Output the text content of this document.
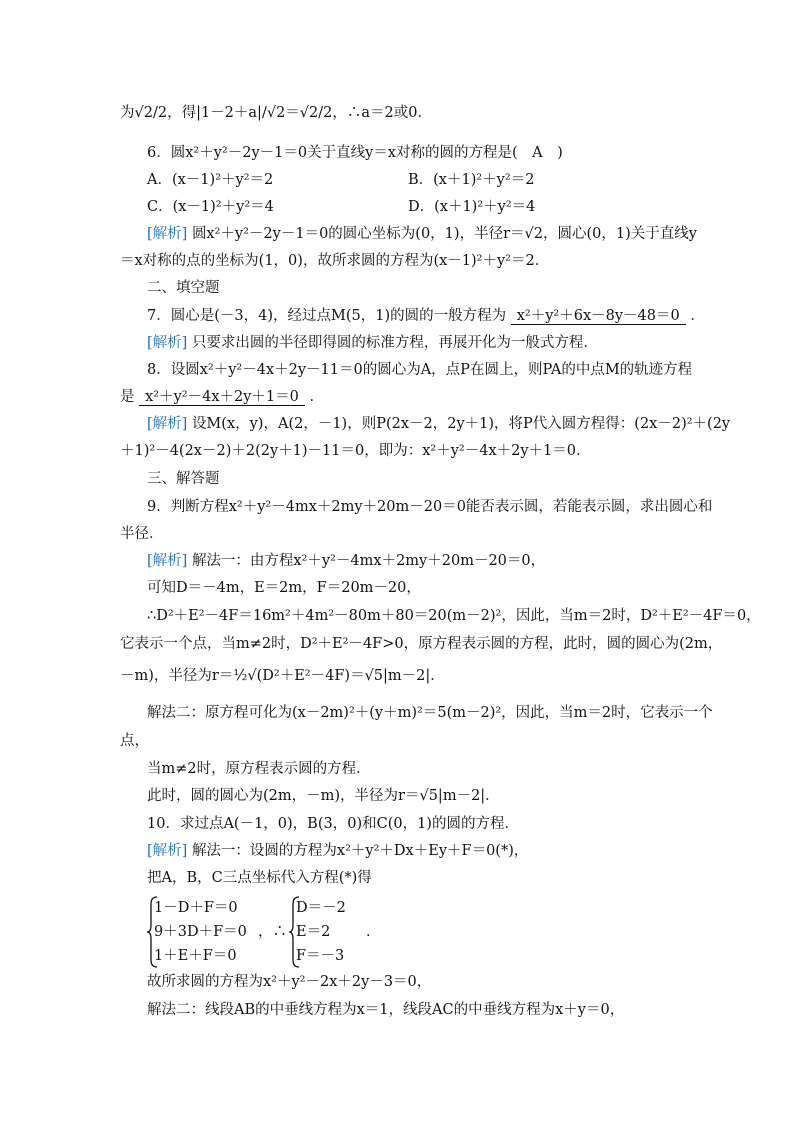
为√2/2，得|1－2＋a|/√2＝√2/2，∴a＝2或0．
6．圆x²＋y²－2y－1＝0关于直线y＝x对称的圆的方程是(　A　)
A．(x－1)²＋y²＝2	B．(x＋1)²＋y²＝2
C．(x－1)²＋y²＝4	D．(x＋1)²＋y²＝4
[解析] 圆x²＋y²－2y－1＝0的圆心坐标为(0，1)，半径r＝√2，圆心(0，1)关于直线y
＝x对称的点的坐标为(1，0)，故所求圆的方程为(x－1)²＋y²＝2．
二、填空题
7．圆心是(－3，4)，经过点M(5，1)的圆的一般方程为 x²＋y²＋6x－8y－48＝0 ．
[解析] 只要求出圆的半径即得圆的标准方程，再展开化为一般式方程．
8．设圆x²＋y²－4x＋2y－11＝0的圆心为A，点P在圆上，则PA的中点M的轨迹方程
是 x²＋y²－4x＋2y＋1＝0 ．
[解析] 设M(x，y)，A(2，－1)，则P(2x－2，2y＋1)，将P代入圆方程得：(2x－2)²＋(2y
＋1)²－4(2x－2)＋2(2y＋1)－11＝0，即为：x²＋y²－4x＋2y＋1＝0．
三、解答题
9．判断方程x²＋y²－4mx＋2my＋20m－20＝0能否表示圆，若能表示圆，求出圆心和
半径．
[解析] 解法一：由方程x²＋y²－4mx＋2my＋20m－20＝0，
可知D＝－4m，E＝2m，F＝20m－20，
∴D²＋E²－4F＝16m²＋4m²－80m＋80＝20(m－2)²，因此，当m＝2时，D²＋E²－4F＝0，
它表示一个点，当m≠2时，D²＋E²－4F>0，原方程表示圆的方程，此时，圆的圆心为(2m，
－m)，半径为r＝½√(D²＋E²－4F)＝√5|m－2|．
解法二：原方程可化为(x－2m)²＋(y＋m)²＝5(m－2)²，因此，当m＝2时，它表示一个
点，
当m≠2时，原方程表示圆的方程．
此时，圆的圆心为(2m，－m)，半径为r＝√5|m－2|．
10．求过点A(－1，0)，B(3，0)和C(0，1)的圆的方程．
[解析] 解法一：设圆的方程为x²＋y²＋Dx＋Ey＋F＝0(*)，
把A，B，C三点坐标代入方程(*)得
1－D＋F＝0
9＋3D＋F＝0
1＋E＋F＝0
，∴
D＝－2
E＝2
F＝－3
．
故所求圆的方程为x²＋y²－2x＋2y－3＝0，
解法二：线段AB的中垂线方程为x＝1，线段AC的中垂线方程为x＋y＝0，
